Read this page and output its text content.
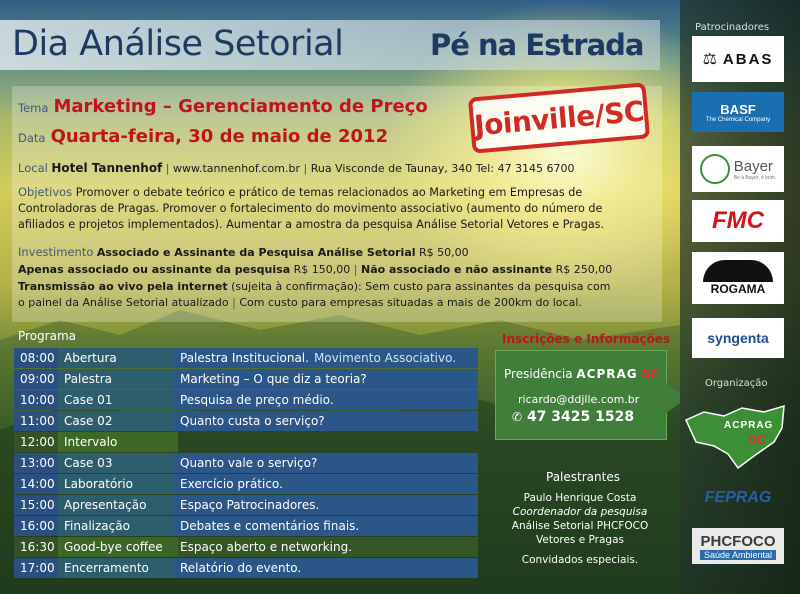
Dia Análise Setorial	Pé na Estrada
Tema Marketing – Gerenciamento de Preço
Data Quarta-feira, 30 de maio de 2012	Joinville/SC
Local Hotel Tannenhof | www.tannenhof.com.br | Rua Visconde de Taunay, 340 Tel: 47 3145 6700
Objetivos Promover o debate teórico e prático de temas relacionados ao Marketing em Empresas de Controladoras de Pragas. Promover o fortalecimento do movimento associativo (aumento do número de afiliados e projetos implementados). Aumentar a amostra da pesquisa Análise Setorial Vetores e Pragas.
Investimento Associado e Assinante da Pesquisa Análise Setorial R$ 50,00
Apenas associado ou assinante da pesquisa R$ 150,00 | Não associado e não assinante R$ 250,00
Transmissão ao vivo pela internet (sujeita à confirmação): Sem custo para assinantes da pesquisa com
o painel da Análise Setorial atualizado | Com custo para empresas situadas a mais de 200km do local.
Programa
08:00 Abertura	Palestra Institucional. Movimento Associativo.
09:00 Palestra	Marketing – O que diz a teoria?
10:00 Case 01	Pesquisa de preço médio.
11:00 Case 02	Quanto custa o serviço?
12:00 Intervalo
13:00 Case 03	Quanto vale o serviço?
14:00 Laboratório	Exercício prático.
15:00 Apresentação	Espaço Patrocinadores.
16:00 Finalização	Debates e comentários finais.
16:30 Good-bye coffee	Espaço aberto e networking.
17:00 Encerramento	Relatório do evento.
Inscrições e Informações
Presidência ACPRAG SC
ricardo@ddjlle.com.br
✆ 47 3425 1528
Palestrantes
Paulo Henrique Costa
Coordenador da pesquisa
Análise Setorial PHCFOCO
Vetores e Pragas
Convidados especiais.
Patrocinadores
⚖ ABAS
BASF
The Chemical Company
Bayer
Be à Bayer, é bom.
FMC
ROGAMA
syngenta
Organização
ACPRAG
SC
FEPRAG
PHCFOCO
Saúde Ambiental
